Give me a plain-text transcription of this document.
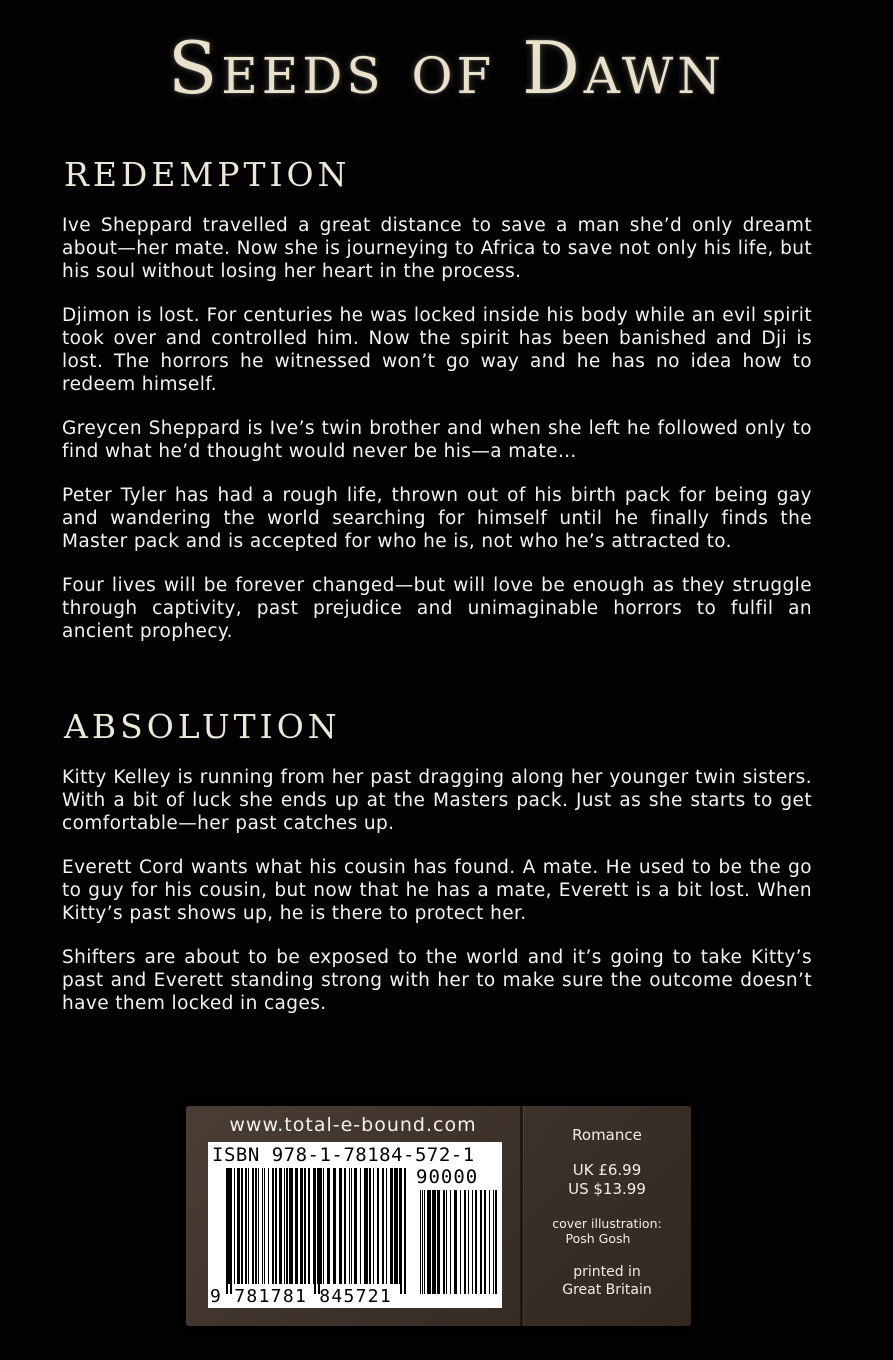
Seeds of Dawn
REDEMPTION

Ive Sheppard travelled a great distance to save a man she’d only dreamt about—her mate. Now she is journeying to Africa to save not only his life, but his soul without losing her heart in the process.

Djimon is lost. For centuries he was locked inside his body while an evil spirit took over and controlled him. Now the spirit has been banished and Dji is lost. The horrors he witnessed won’t go way and he has no idea how to redeem himself.

Greycen Sheppard is Ive’s twin brother and when she left he followed only to find what he’d thought would never be his—a mate…

Peter Tyler has had a rough life, thrown out of his birth pack for being gay and wandering the world searching for himself until he finally finds the Master pack and is accepted for who he is, not who he’s attracted to.

Four lives will be forever changed—but will love be enough as they struggle through captivity, past prejudice and unimaginable horrors to fulfil an ancient prophecy.

ABSOLUTION

Kitty Kelley is running from her past dragging along her younger twin sisters. With a bit of luck she ends up at the Masters pack. Just as she starts to get comfortable—her past catches up.

Everett Cord wants what his cousin has found. A mate. He used to be the go to guy for his cousin, but now that he has a mate, Everett is a bit lost. When Kitty’s past shows up, he is there to protect her.

Shifters are about to be exposed to the world and it’s going to take Kitty’s past and Everett standing strong with her to make sure the outcome doesn’t have them locked in cages.

www.total-e-bound.com
ISBN 978-1-78184-572-1
90000
9 781781 845721
Romance
UK £6.99
US $13.99
cover illustration:
Posh Gosh
printed in
Great Britain
